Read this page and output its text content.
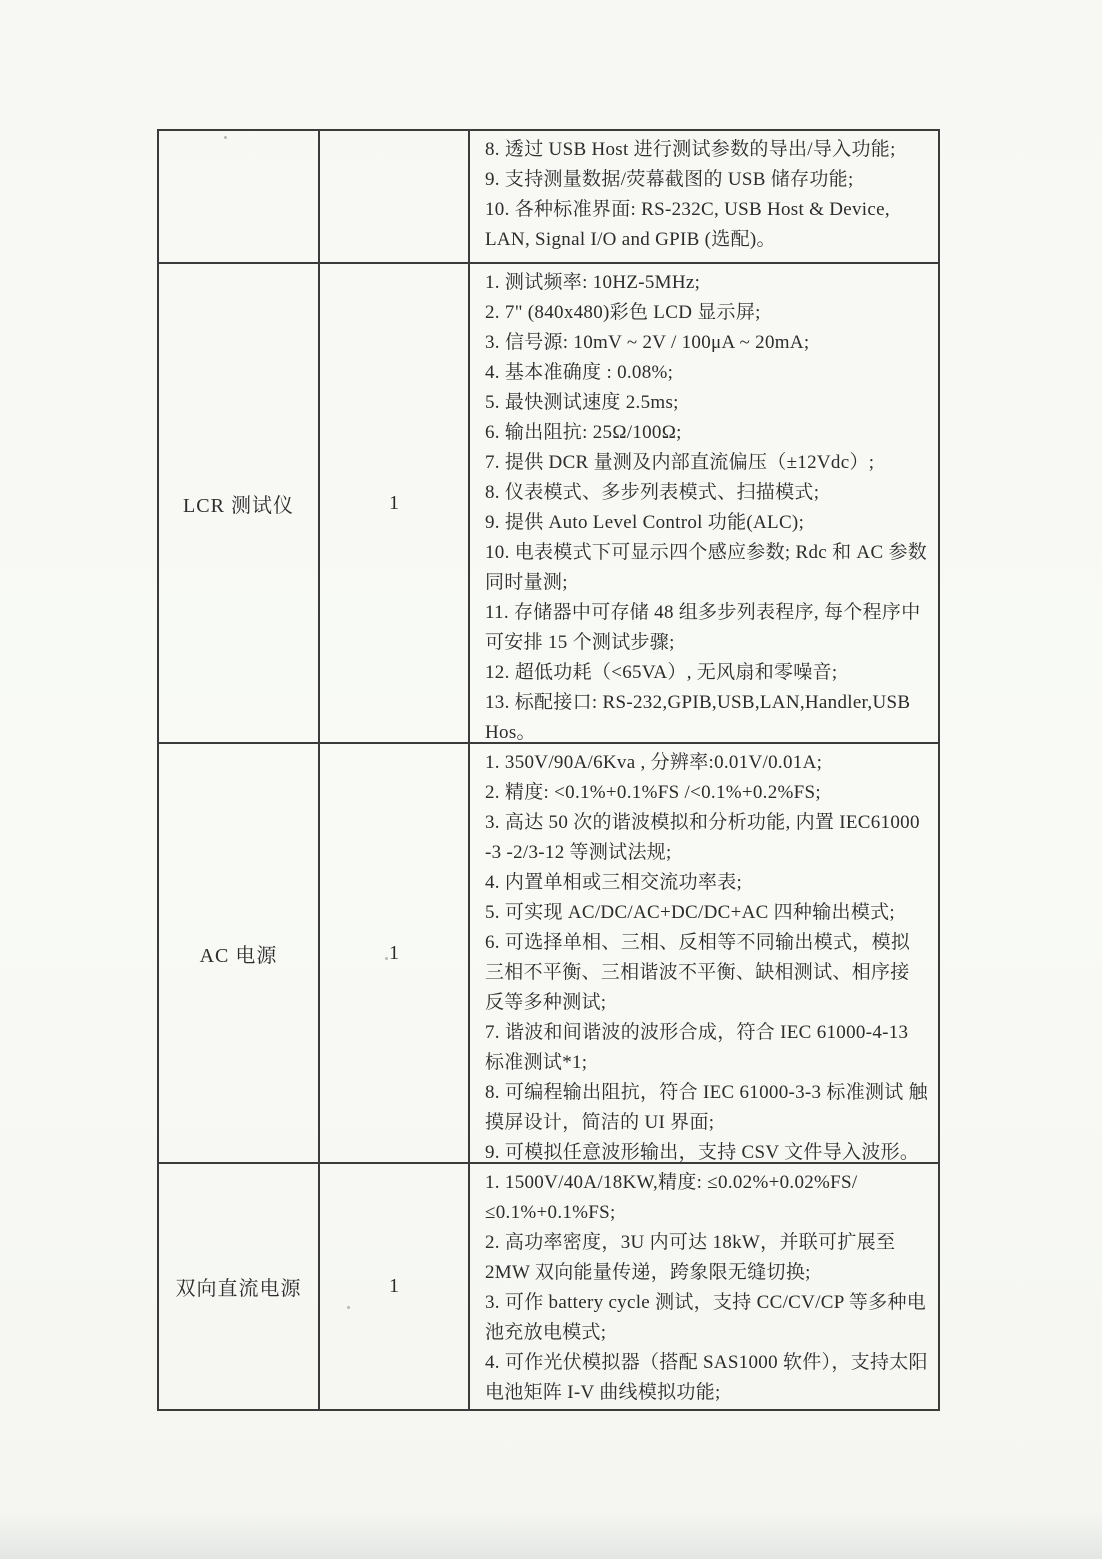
8. 透过 USB Host 进行测试参数的导出/导入功能;
9. 支持测量数据/荧幕截图的 USB 储存功能;
10. 各种标准界面: RS-232C, USB Host & Device, LAN, Signal I/O and GPIB (选配)。
LCR 测试仪	1
1. 测试频率: 10HZ-5MHz;
2. 7" (840x480)彩色 LCD 显示屏;
3. 信号源: 10mV ~ 2V / 100μA ~ 20mA;
4. 基本准确度 : 0.08%;
5. 最快测试速度 2.5ms;
6. 输出阻抗: 25Ω/100Ω;
7. 提供 DCR 量测及内部直流偏压（±12Vdc）;
8. 仪表模式、多步列表模式、扫描模式;
9. 提供 Auto Level Control 功能(ALC);
10. 电表模式下可显示四个感应参数; Rdc 和 AC 参数同时量测;
11. 存储器中可存储 48 组多步列表程序, 每个程序中可安排 15 个测试步骤;
12. 超低功耗（<65VA）, 无风扇和零噪音;
13. 标配接口: RS-232,GPIB,USB,LAN,Handler,USB Hos。
AC 电源	1
1. 350V/90A/6Kva , 分辨率:0.01V/0.01A;
2. 精度: <0.1%+0.1%FS /<0.1%+0.2%FS;
3. 高达 50 次的谐波模拟和分析功能, 内置 IEC61000 -3 -2/3-12 等测试法规;
4. 内置单相或三相交流功率表;
5. 可实现 AC/DC/AC+DC/DC+AC 四种输出模式;
6. 可选择单相、三相、反相等不同输出模式，模拟三相不平衡、三相谐波不平衡、缺相测试、相序接反等多种测试;
7. 谐波和间谐波的波形合成，符合 IEC 61000-4-13 标准测试*1;
8. 可编程输出阻抗，符合 IEC 61000-3-3 标准测试 触摸屏设计，简洁的 UI 界面;
9. 可模拟任意波形输出，支持 CSV 文件导入波形。
双向直流电源	1
1. 1500V/40A/18KW,精度: ≤0.02%+0.02%FS/≤0.1%+0.1%FS;
2. 高功率密度，3U 内可达 18kW，并联可扩展至 2MW 双向能量传递，跨象限无缝切换;
3. 可作 battery cycle 测试，支持 CC/CV/CP 等多种电池充放电模式;
4. 可作光伏模拟器（搭配 SAS1000 软件），支持太阳电池矩阵 I-V 曲线模拟功能;
